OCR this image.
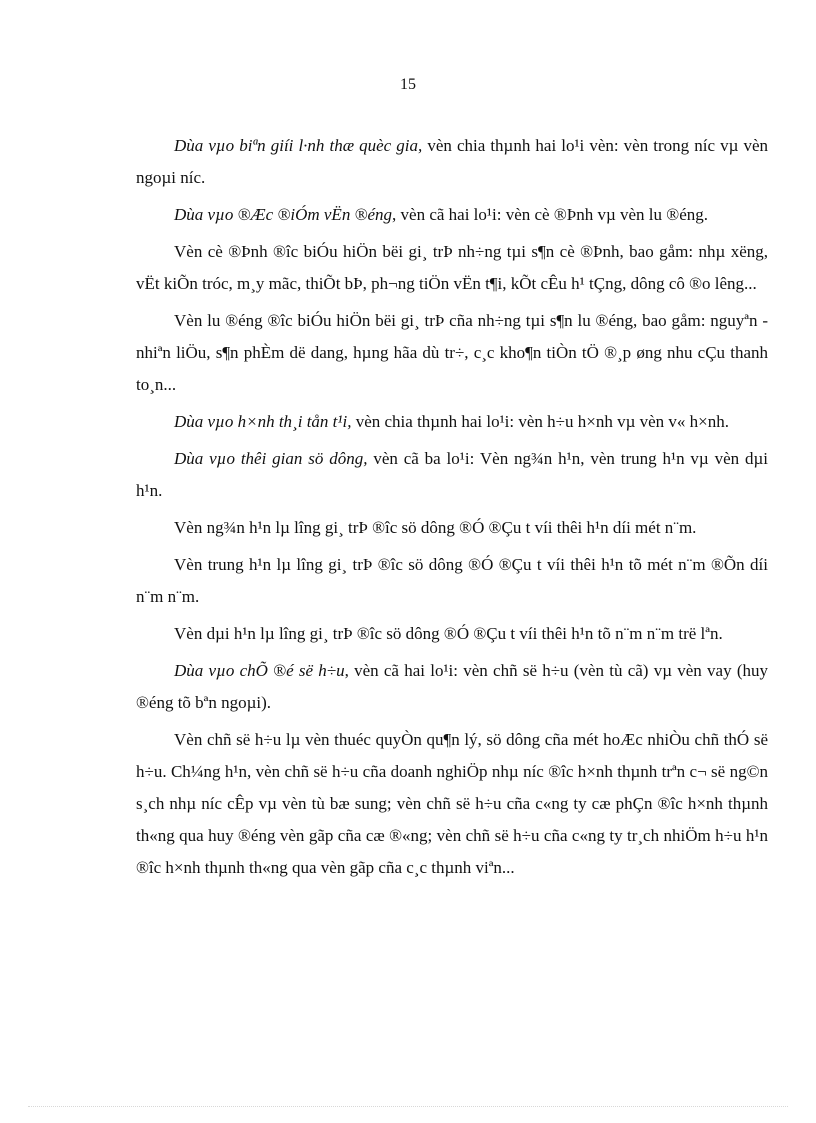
15

Dùa vµo biªn giíi l·nh thæ quèc gia, vèn chia thµnh hai lo¹i vèn: vèn trong níc vµ vèn ngoµi níc.

Dùa vµo ®Æc ®iÓm vËn ®éng, vèn cã hai lo¹i: vèn cè ®Þnh vµ vèn lu ®éng.

Vèn cè ®Þnh ®îc biÓu hiÖn bëi gi¸ trÞ nh÷ng tµi s¶n cè ®Þnh, bao gåm: nhµ xëng, vËt kiÕn tróc, m¸y mãc, thiÕt bÞ, ph¬ng tiÖn vËn t¶i, kÕt cÊu h¹ tÇng, dông cô ®o lêng...

Vèn lu ®éng ®îc biÓu hiÖn bëi gi¸ trÞ cña nh÷ng tµi s¶n lu ®éng, bao gåm: nguyªn - nhiªn liÖu, s¶n phÈm dë dang, hµng hãa dù tr÷, c¸c kho¶n tiÒn tÖ ®¸p øng nhu cÇu thanh to¸n...

Dùa vµo h×nh th¸i tån t¹i, vèn chia thµnh hai lo¹i: vèn h÷u h×nh vµ vèn v« h×nh.

Dùa vµo thêi gian sö dông, vèn cã ba lo¹i: Vèn ng¾n h¹n, vèn trung h¹n vµ vèn dµi h¹n.

Vèn ng¾n h¹n lµ lîng gi¸ trÞ ®îc sö dông ®Ó ®Çu t víi thêi h¹n díi mét n¨m.

Vèn trung h¹n lµ lîng gi¸ trÞ ®îc sö dông ®Ó ®Çu t víi thêi h¹n tõ mét n¨m ®Õn díi n¨m n¨m.

Vèn dµi h¹n lµ lîng gi¸ trÞ ®îc sö dông ®Ó ®Çu t víi thêi h¹n tõ n¨m n¨m trë lªn.

Dùa vµo chÕ ®é së h÷u, vèn cã hai lo¹i: vèn chñ së h÷u (vèn tù cã) vµ vèn vay (huy ®éng tõ bªn ngoµi).

Vèn chñ së h÷u lµ vèn thuéc quyÒn qu¶n lý, sö dông cña mét hoÆc nhiÒu chñ thÓ së h÷u. Ch¼ng h¹n, vèn chñ së h÷u cña doanh nghiÖp nhµ níc ®îc h×nh thµnh trªn c¬ së ng©n s¸ch nhµ níc cÊp vµ vèn tù bæ sung; vèn chñ së h÷u cña c«ng ty cæ phÇn ®îc h×nh thµnh th«ng qua huy ®éng vèn gãp cña cæ ®«ng; vèn chñ së h÷u cña c«ng ty tr¸ch nhiÖm h÷u h¹n ®îc h×nh thµnh th«ng qua vèn gãp cña c¸c thµnh viªn...
